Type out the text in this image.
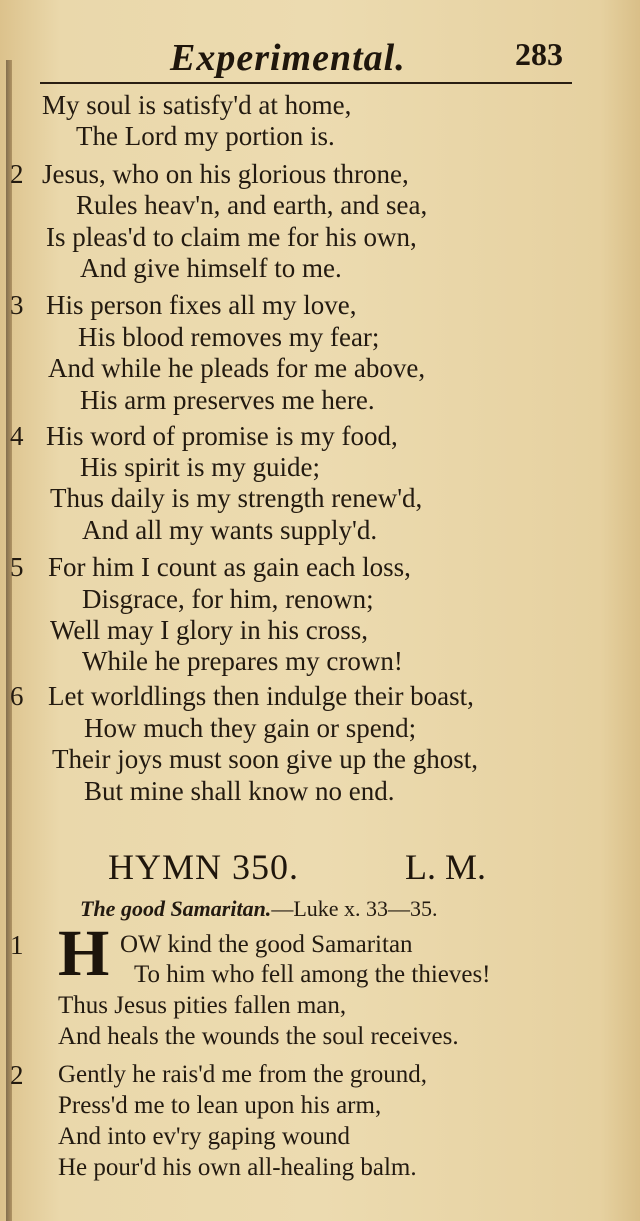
Experimental.	283
My soul is satisfy'd at home,
The Lord my portion is.
2 Jesus, who on his glorious throne,
Rules heav'n, and earth, and sea,
Is pleas'd to claim me for his own,
And give himself to me.
3 His person fixes all my love,
His blood removes my fear;
And while he pleads for me above,
His arm preserves me here.
4 His word of promise is my food,
His spirit is my guide;
Thus daily is my strength renew'd,
And all my wants supply'd.
5 For him I count as gain each loss,
Disgrace, for him, renown;
Well may I glory in his cross,
While he prepares my crown!
6 Let worldlings then indulge their boast,
How much they gain or spend;
Their joys must soon give up the ghost,
But mine shall know no end.
HYMN 350.	L. M.
The good Samaritan.—Luke x. 33—35.
1 H OW kind the good Samaritan
To him who fell among the thieves!
Thus Jesus pities fallen man,
And heals the wounds the soul receives.
2	Gently he rais'd me from the ground,
Press'd me to lean upon his arm,
And into ev'ry gaping wound
He pour'd his own all-healing balm.
